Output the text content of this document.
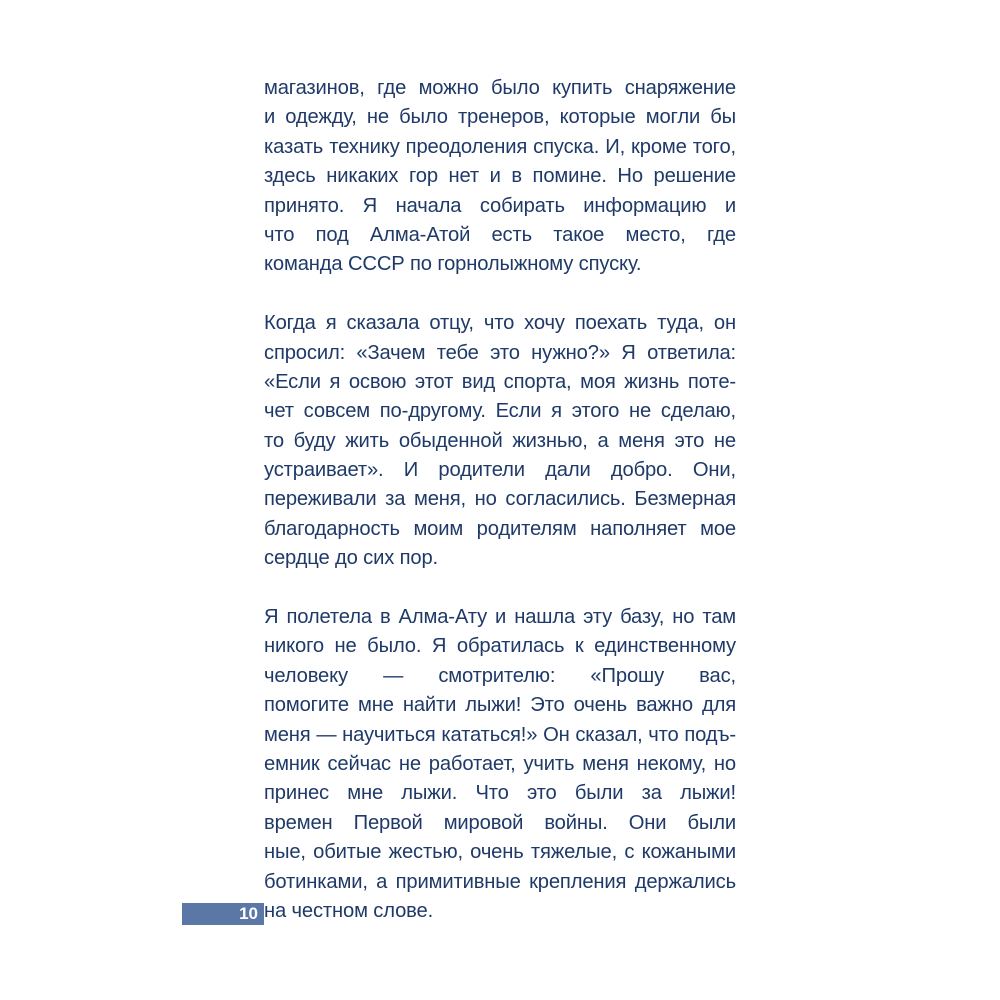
магазинов, где можно было купить снаряжение
и одежду, не было тренеров, которые могли бы
казать технику преодоления спуска. И, кроме того,
здесь никаких гор нет и в помине. Но решение
принято. Я начала собирать информацию и
что под Алма-Атой есть такое место, где
команда СССР по горнолыжному спуску.
Когда я сказала отцу, что хочу поехать туда, он
спросил: «Зачем тебе это нужно?» Я ответила:
«Если я освою этот вид спорта, моя жизнь потe-
чет совсем по-другому. Если я этого не сделаю,
то буду жить обыденной жизнью, а меня это не
устраивает». И родители дали добро. Они,
переживали за меня, но согласились. Безмерная
благодарность моим родителям наполняет мое
сердце до сих пор.
Я полетела в Алма-Ату и нашла эту базу, но там
никого не было. Я обратилась к единственному
человеку — смотрителю: «Прошу вас,
помогите мне найти лыжи! Это очень важно для
меня — научиться кататься!» Он сказал, что подъ-
емник сейчас не работает, учить меня некому, но
принес мне лыжи. Что это были за лыжи!
времен Первой мировой войны. Они были
ные, обитые жестью, очень тяжелые, с кожаными
ботинками, а примитивные крепления держались
на честном слове.
10
